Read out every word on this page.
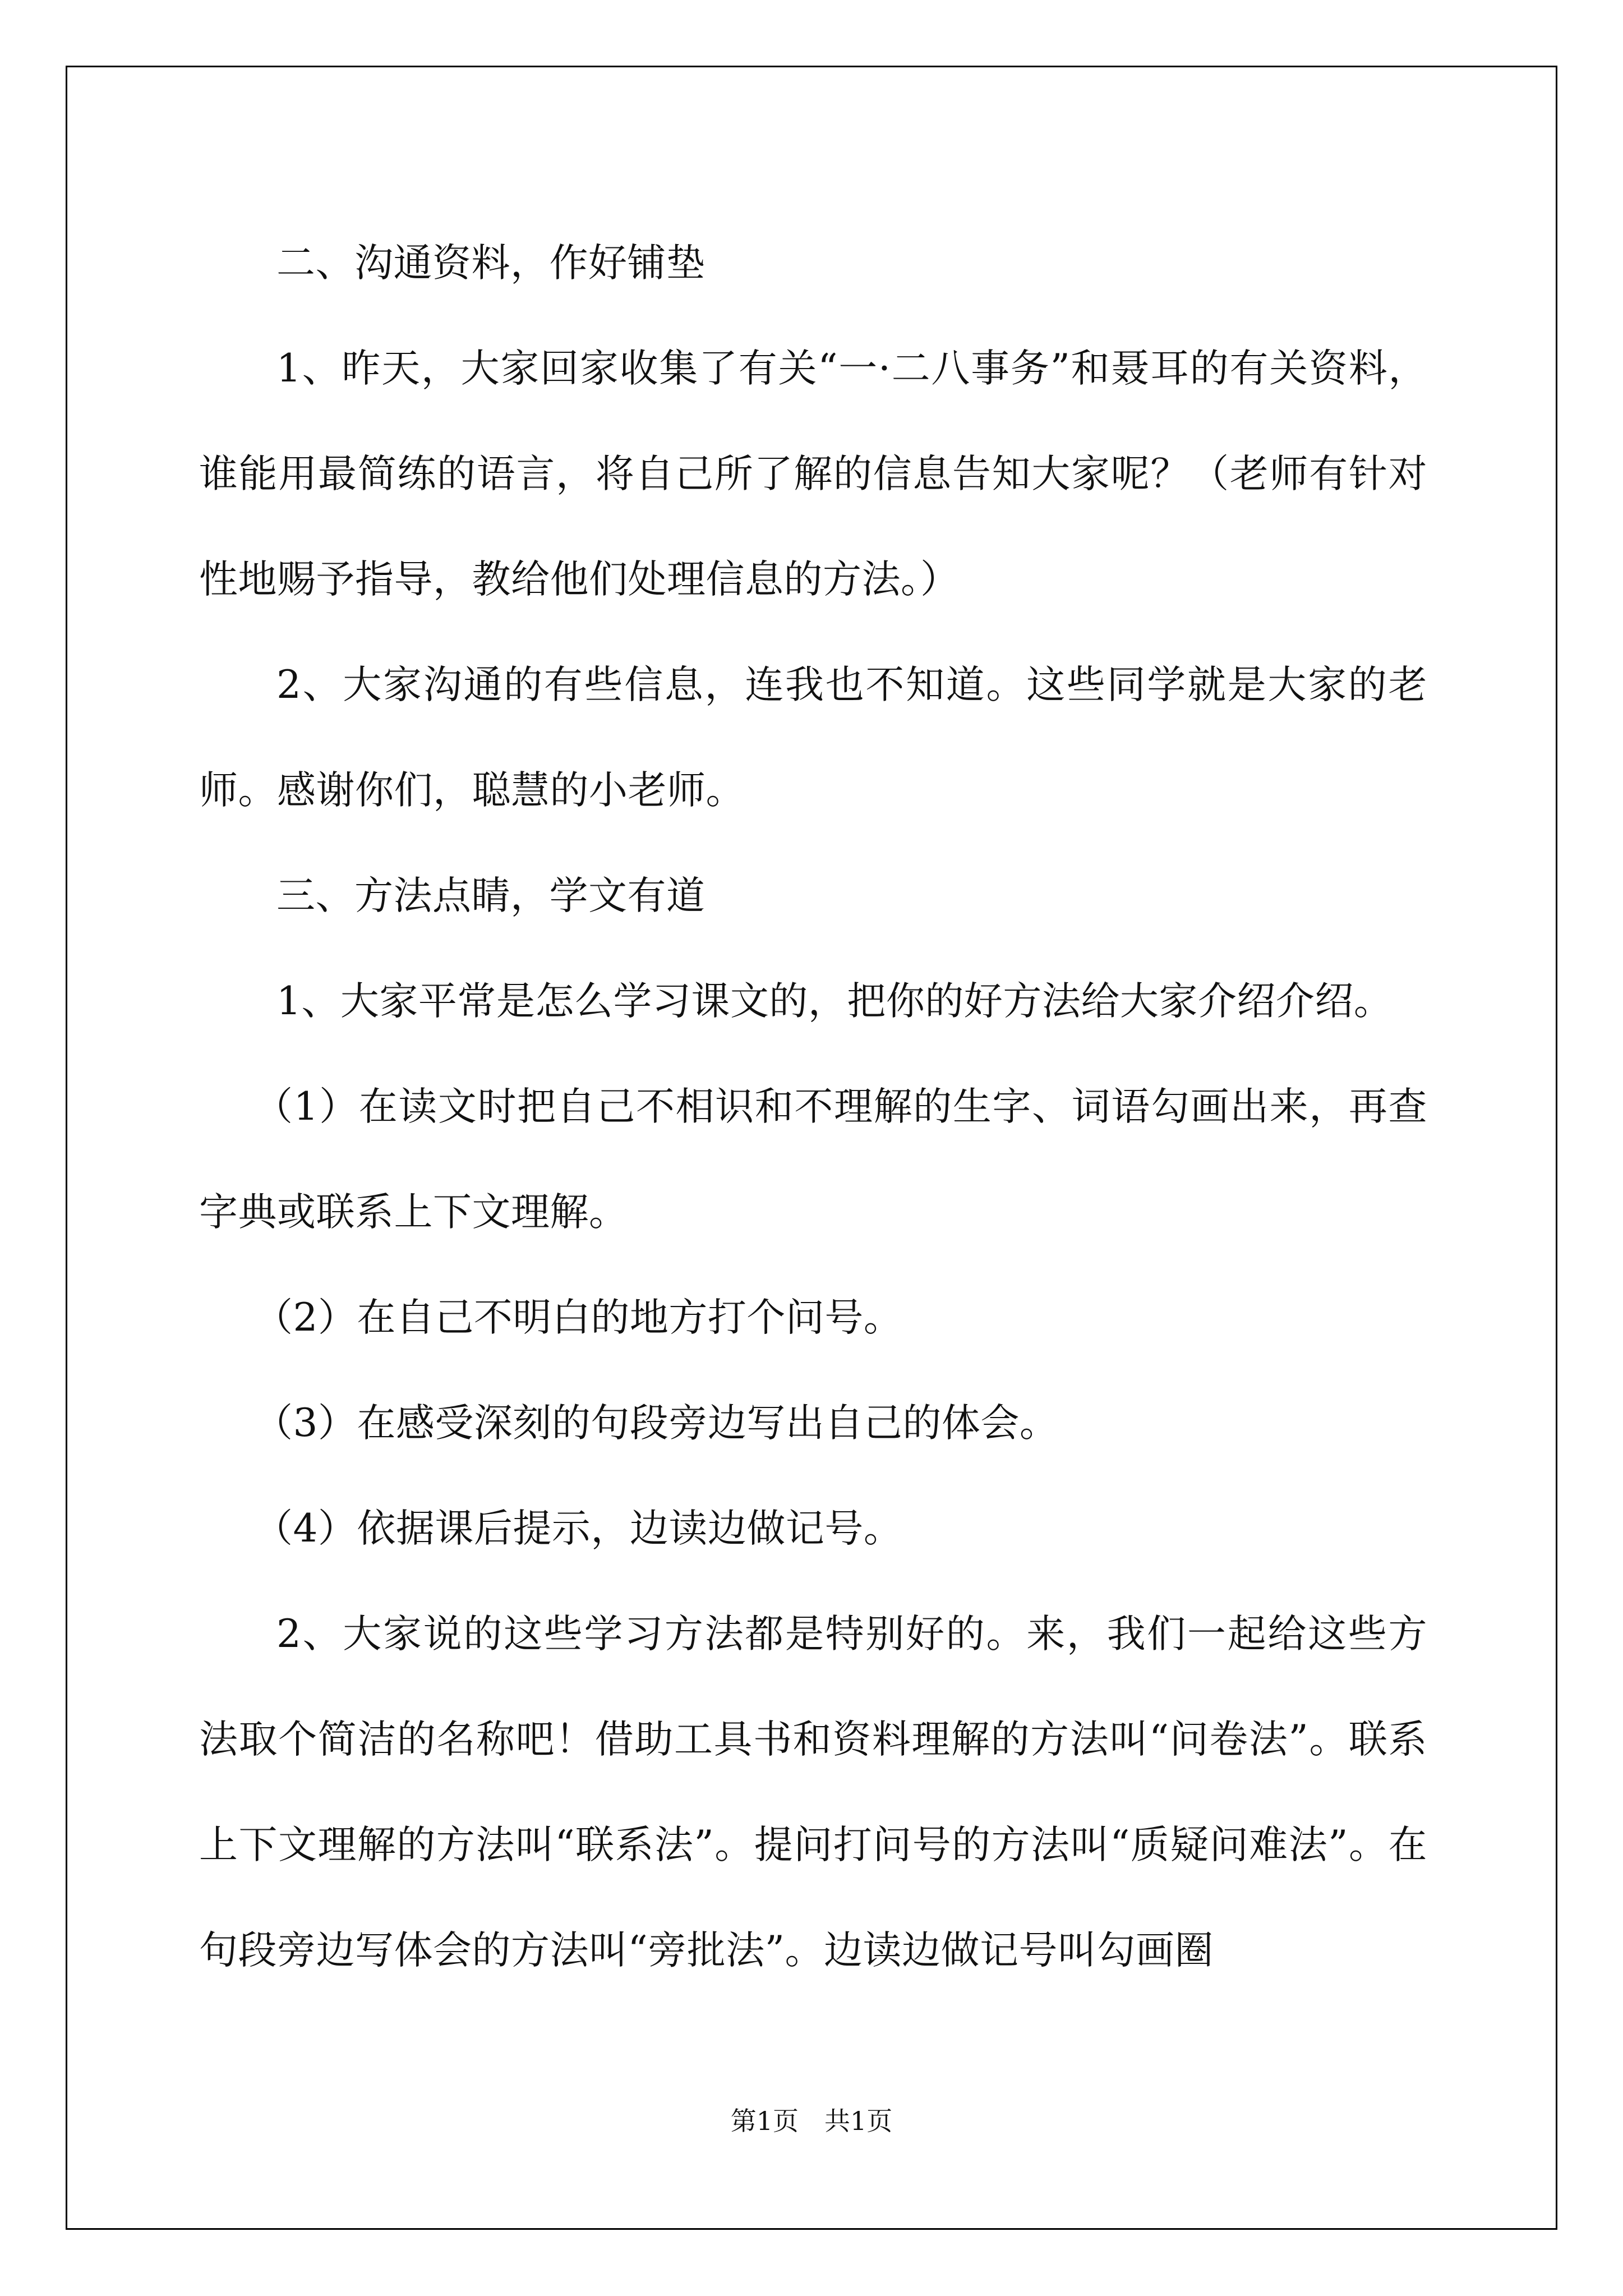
二、沟通资料，作好铺垫

1、昨天，大家回家收集了有关“一·二八事务”和聂耳的有关资料，谁能用最简练的语言，将自己所了解的信息告知大家呢？（老师有针对性地赐予指导，教给他们处理信息的方法。）

2、大家沟通的有些信息，连我也不知道。这些同学就是大家的老师。感谢你们，聪慧的小老师。

三、方法点睛，学文有道

1、大家平常是怎么学习课文的，把你的好方法给大家介绍介绍。

（1）在读文时把自己不相识和不理解的生字、词语勾画出来，再查字典或联系上下文理解。

（2）在自己不明白的地方打个问号。

（3）在感受深刻的句段旁边写出自己的体会。

（4）依据课后提示，边读边做记号。

2、大家说的这些学习方法都是特别好的。来，我们一起给这些方法取个简洁的名称吧！借助工具书和资料理解的方法叫“问卷法”。联系上下文理解的方法叫“联系法”。提问打问号的方法叫“质疑问难法”。在句段旁边写体会的方法叫“旁批法”。边读边做记号叫勾画圈

第1页 共1页
